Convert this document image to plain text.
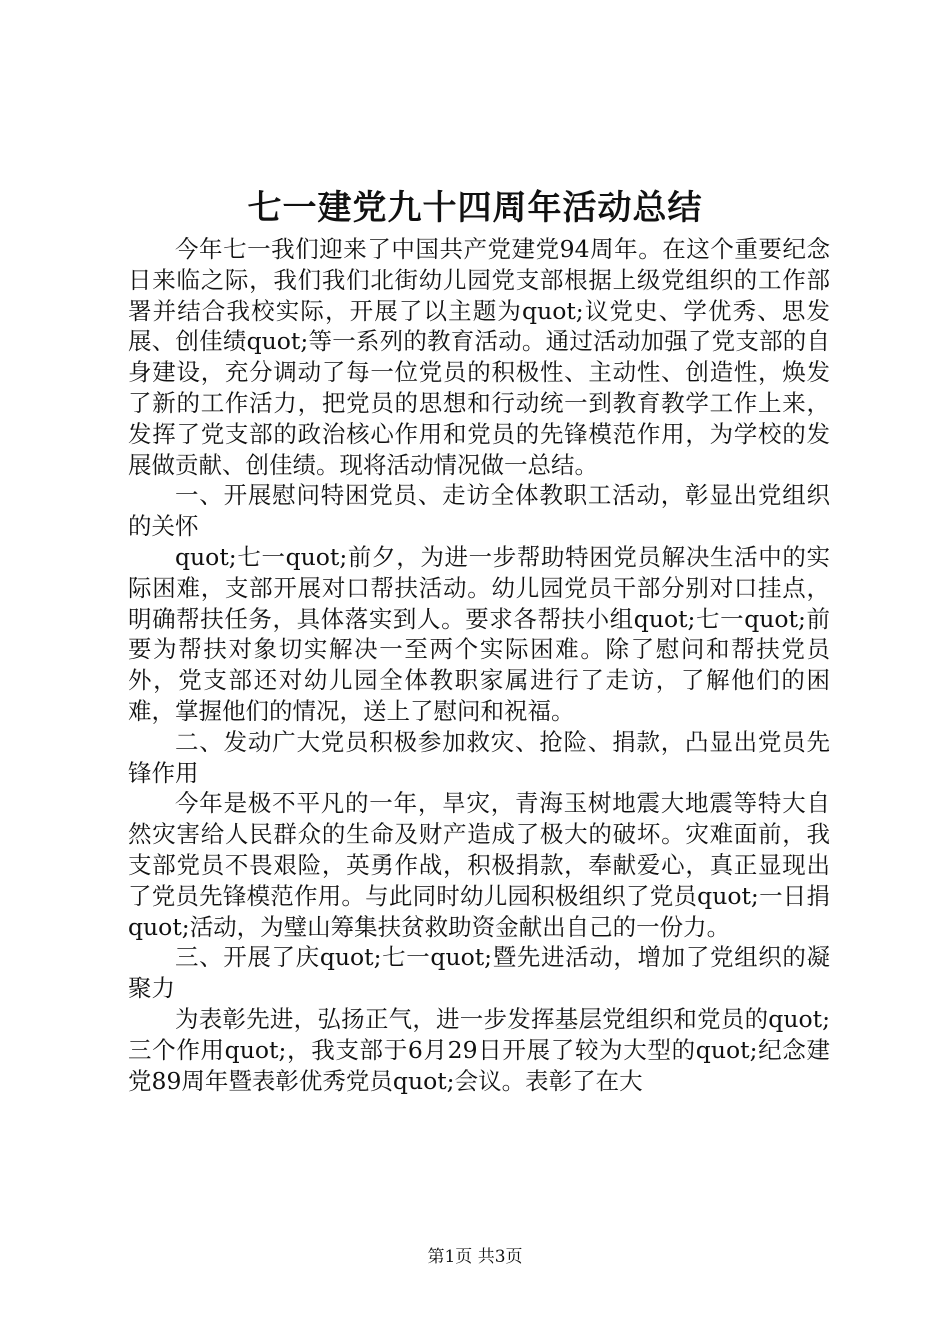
七一建党九十四周年活动总结

今年七一我们迎来了中国共产党建党94周年。在这个重要纪念日来临之际，我们我们北街幼儿园党支部根据上级党组织的工作部署并结合我校实际，开展了以主题为quot;议党史、学优秀、思发展、创佳绩quot;等一系列的教育活动。通过活动加强了党支部的自身建设，充分调动了每一位党员的积极性、主动性、创造性，焕发了新的工作活力，把党员的思想和行动统一到教育教学工作上来，发挥了党支部的政治核心作用和党员的先锋模范作用，为学校的发展做贡献、创佳绩。现将活动情况做一总结。

一、开展慰问特困党员、走访全体教职工活动，彰显出党组织的关怀

quot;七一quot;前夕，为进一步帮助特困党员解决生活中的实际困难，支部开展对口帮扶活动。幼儿园党员干部分别对口挂点，明确帮扶任务，具体落实到人。要求各帮扶小组quot;七一quot;前要为帮扶对象切实解决一至两个实际困难。除了慰问和帮扶党员外，党支部还对幼儿园全体教职家属进行了走访，了解他们的困难，掌握他们的情况，送上了慰问和祝福。

二、发动广大党员积极参加救灾、抢险、捐款，凸显出党员先锋作用

今年是极不平凡的一年，旱灾，青海玉树地震大地震等特大自然灾害给人民群众的生命及财产造成了极大的破坏。灾难面前，我支部党员不畏艰险，英勇作战，积极捐款，奉献爱心，真正显现出了党员先锋模范作用。与此同时幼儿园积极组织了党员quot;一日捐quot;活动，为璧山筹集扶贫救助资金献出自己的一份力。

三、开展了庆quot;七一quot;暨先进活动，增加了党组织的凝聚力

为表彰先进，弘扬正气，进一步发挥基层党组织和党员的quot;三个作用quot;，我支部于6月29日开展了较为大型的quot;纪念建党89周年暨表彰优秀党员quot;会议。表彰了在大

第1页 共3页
